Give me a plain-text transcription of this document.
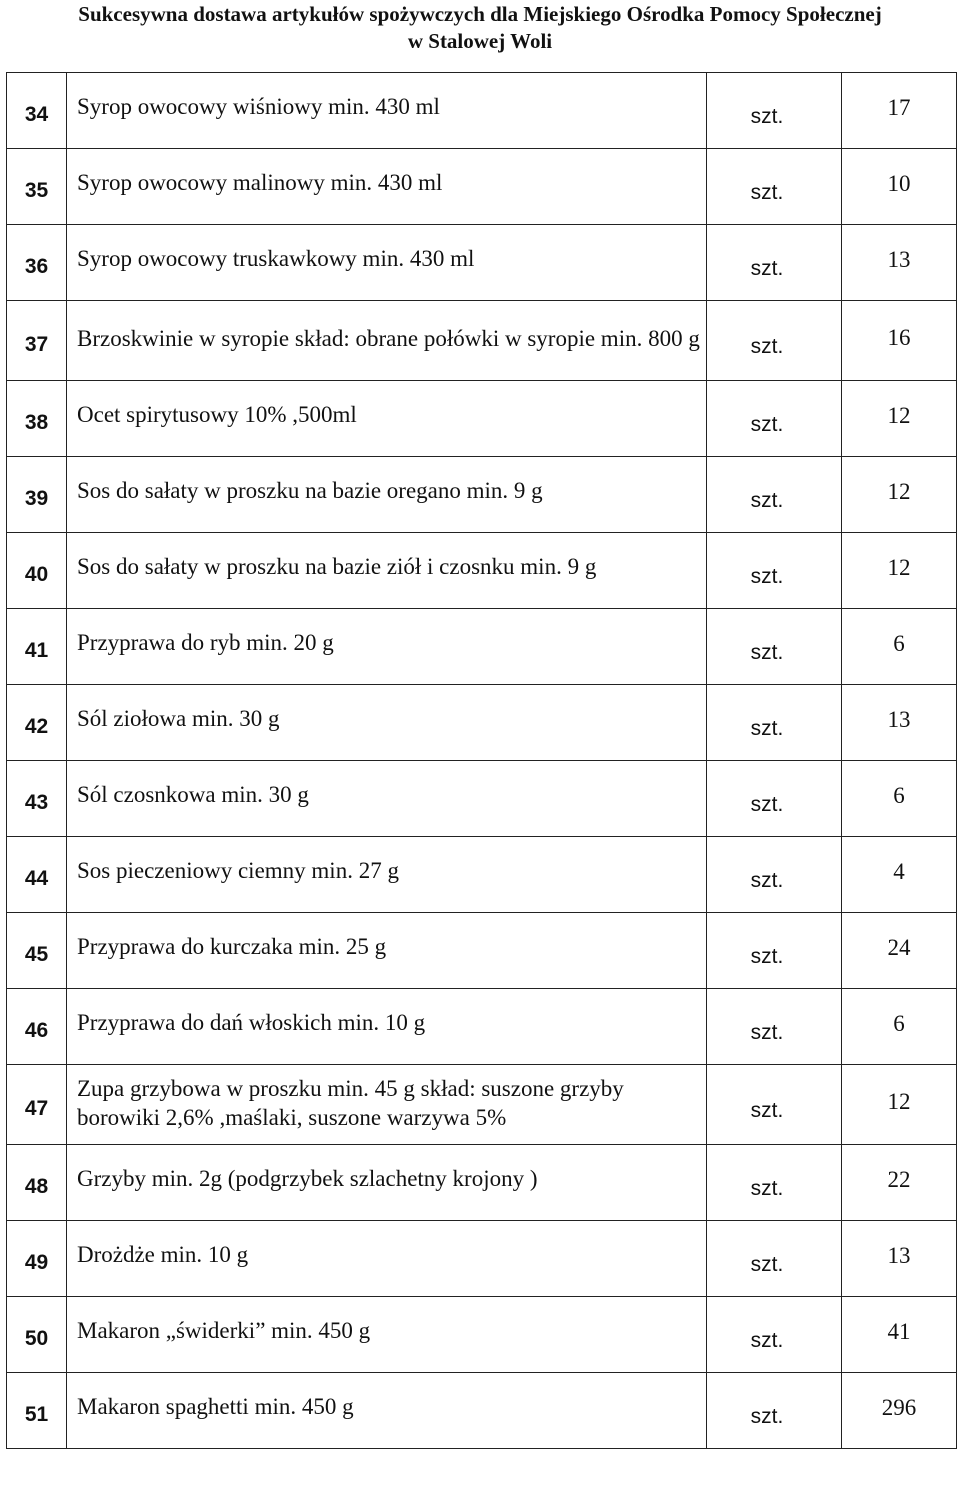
Sukcesywna dostawa artykułów spożywczych dla Miejskiego Ośrodka Pomocy Społecznej
w Stalowej Woli
34	Syrop owocowy wiśniowy min. 430 ml	szt.	17
35	Syrop owocowy malinowy min. 430 ml	szt.	10
36	Syrop owocowy truskawkowy min. 430 ml	szt.	13
37	Brzoskwinie w syropie skład: obrane połówki w syropie min. 800 g	szt.	16
38	Ocet spirytusowy 10% ,500ml	szt.	12
39	Sos do sałaty w proszku na bazie oregano min. 9 g	szt.	12
40	Sos do sałaty w proszku na bazie ziół i czosnku min. 9 g	szt.	12
41	Przyprawa do ryb min. 20 g	szt.	6
42	Sól ziołowa min. 30 g	szt.	13
43	Sól czosnkowa min. 30 g	szt.	6
44	Sos pieczeniowy ciemny min. 27 g	szt.	4
45	Przyprawa do kurczaka min. 25 g	szt.	24
46	Przyprawa do dań włoskich min. 10 g	szt.	6
47	Zupa grzybowa w proszku min. 45 g skład: suszone grzyby borowiki 2,6% ,maślaki, suszone warzywa 5%	szt.	12
48	Grzyby min. 2g (podgrzybek szlachetny krojony )	szt.	22
49	Drożdże min. 10 g	szt.	13
50	Makaron „świderki” min. 450 g	szt.	41
51	Makaron spaghetti min. 450 g	szt.	296
